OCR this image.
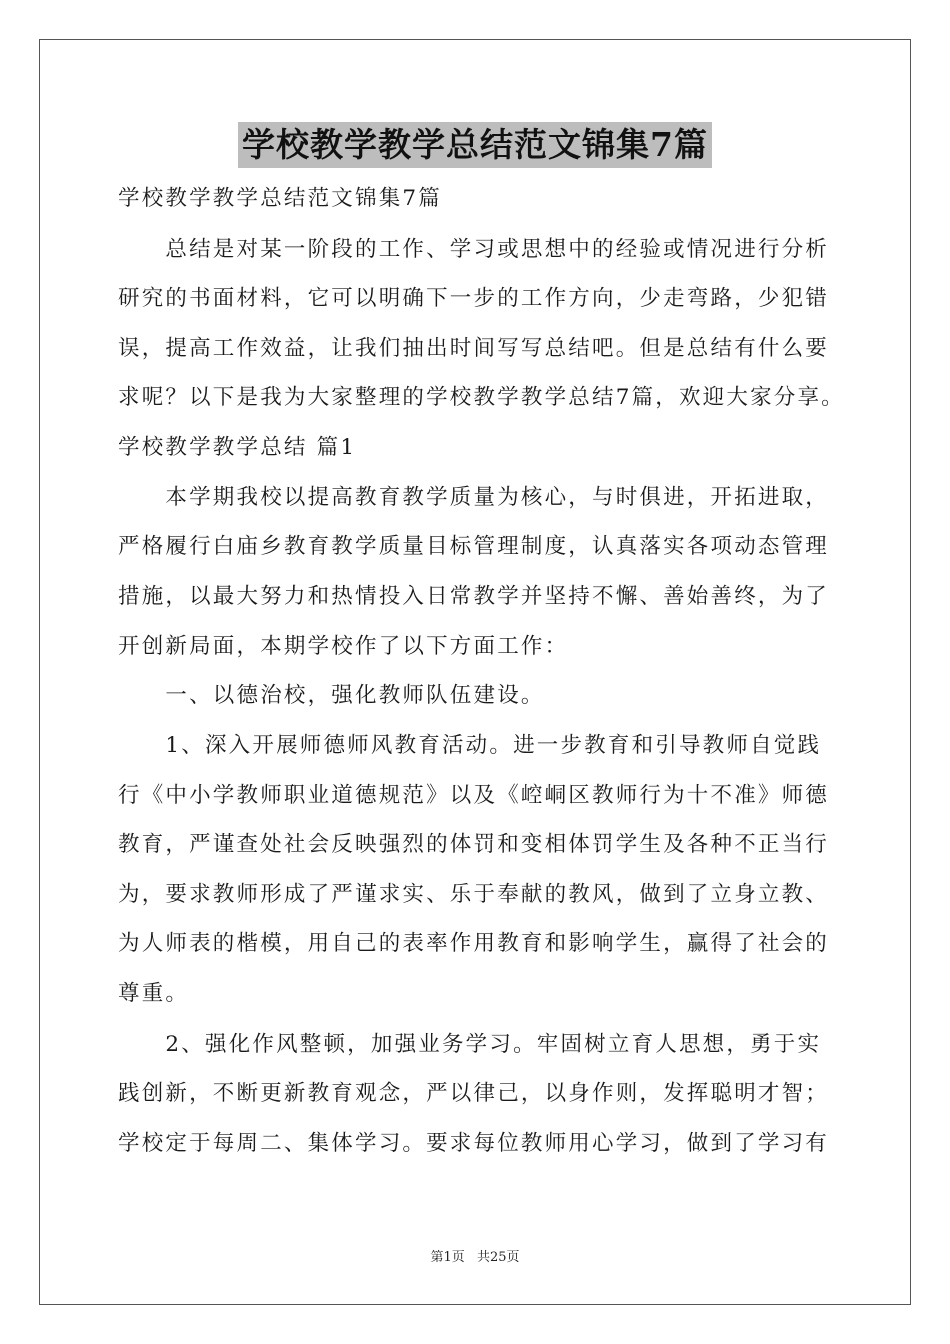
学校教学教学总结范文锦集7篇
学校教学教学总结范文锦集7篇
　　总结是对某一阶段的工作、学习或思想中的经验或情况进行分析
研究的书面材料，它可以明确下一步的工作方向，少走弯路，少犯错
误，提高工作效益，让我们抽出时间写写总结吧。但是总结有什么要
求呢？以下是我为大家整理的学校教学教学总结7篇，欢迎大家分享。
学校教学教学总结 篇1
　　本学期我校以提高教育教学质量为核心，与时俱进，开拓进取，
严格履行白庙乡教育教学质量目标管理制度，认真落实各项动态管理
措施，以最大努力和热情投入日常教学并坚持不懈、善始善终，为了
开创新局面，本期学校作了以下方面工作：
　　一、以德治校，强化教师队伍建设。
　　1、深入开展师德师风教育活动。进一步教育和引导教师自觉践
行《中小学教师职业道德规范》以及《崆峒区教师行为十不准》师德
教育，严谨查处社会反映强烈的体罚和变相体罚学生及各种不正当行
为，要求教师形成了严谨求实、乐于奉献的教风，做到了立身立教、
为人师表的楷模，用自己的表率作用教育和影响学生，赢得了社会的
尊重。
　　2、强化作风整顿，加强业务学习。牢固树立育人思想，勇于实
践创新，不断更新教育观念，严以律己，以身作则，发挥聪明才智；
学校定于每周二、集体学习。要求每位教师用心学习，做到了学习有
第1页 共25页
